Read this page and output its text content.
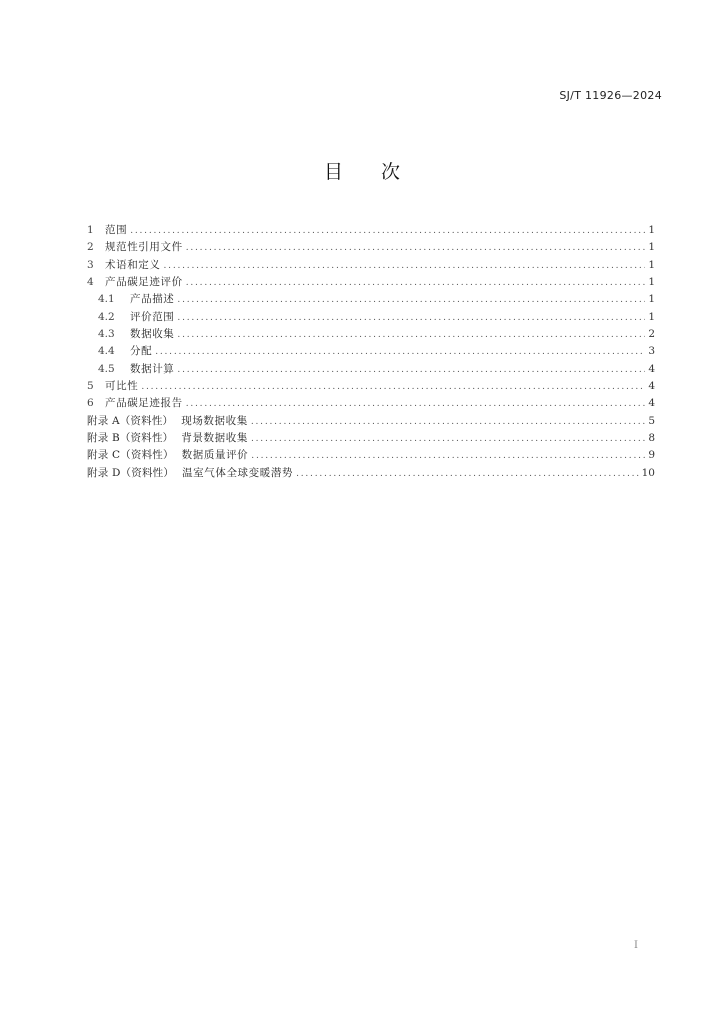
SJ/T 11926—2024
目 次
1	范围 .....	1
2	规范性引用文件 .....	1
3	术语和定义 .....	1
4	产品碳足迹评价 .....	1
4.1	产品描述 .....	1
4.2	评价范围 .....	1
4.3	数据收集 .....	2
4.4	分配 .....	3
4.5	数据计算 .....	4
5	可比性 .....	4
6	产品碳足迹报告 .....	4
附录 A（资料性） 现场数据收集 .....	5
附录 B（资料性） 背景数据收集 .....	8
附录 C（资料性） 数据质量评价 .....	9
附录 D（资料性） 温室气体全球变暖潜势 .....	10
I
